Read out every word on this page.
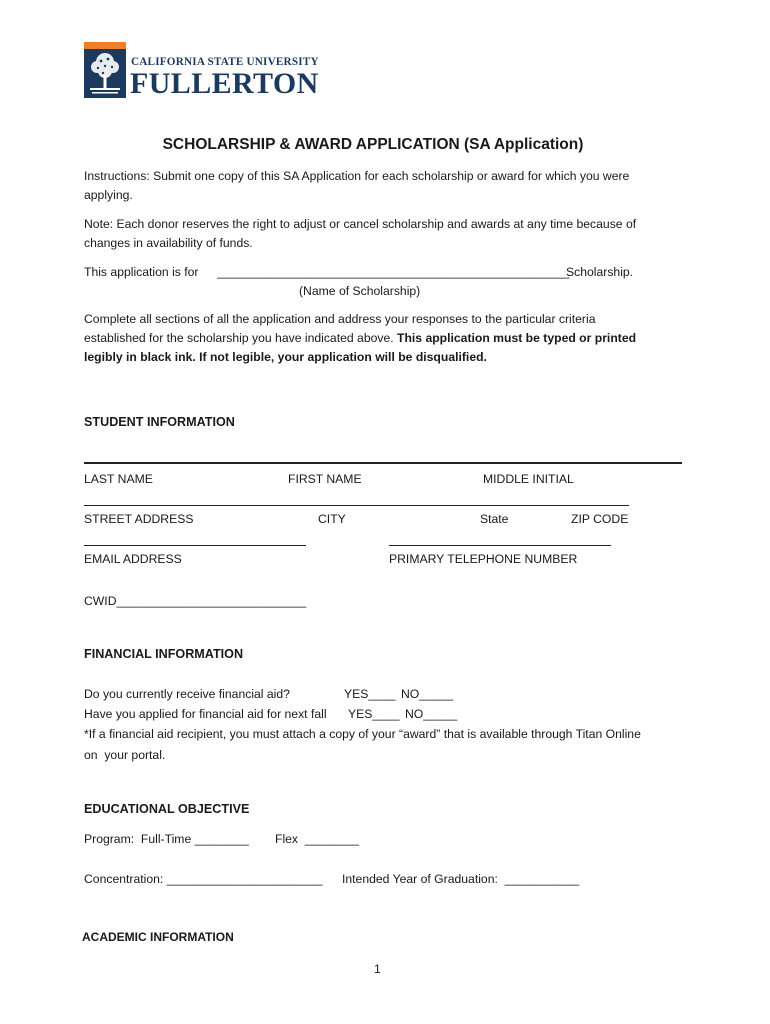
CALIFORNIA STATE UNIVERSITY
FULLERTON
SCHOLARSHIP & AWARD APPLICATION (SA Application)
Instructions: Submit one copy of this SA Application for each scholarship or award for which you were
applying.
Note: Each donor reserves the right to adjust or cancel scholarship and awards at any time because of
changes in availability of funds.
This application is for ____________________________________________________
Scholarship.
(Name of Scholarship)
Complete all sections of all the application and address your responses to the particular criteria
established for the scholarship you have indicated above. This application must be typed or printed
legibly in black ink. If not legible, your application will be disqualified.
STUDENT INFORMATION
LAST NAME	FIRST NAME	MIDDLE INITIAL
STREET ADDRESS	CITY	State	ZIP CODE
EMAIL ADDRESS	PRIMARY TELEPHONE NUMBER
CWID____________________________
FINANCIAL INFORMATION
Do you currently receive financial aid?	YES____ NO_____
Have you applied for financial aid for next fall YES____ NO_____
*If a financial aid recipient, you must attach a copy of your “award” that is available through Titan Online
on  your portal.
EDUCATIONAL OBJECTIVE
Program:  Full-Time ________ Flex  ________
Concentration: _______________________ Intended Year of Graduation:  ___________
ACADEMIC INFORMATION
1
